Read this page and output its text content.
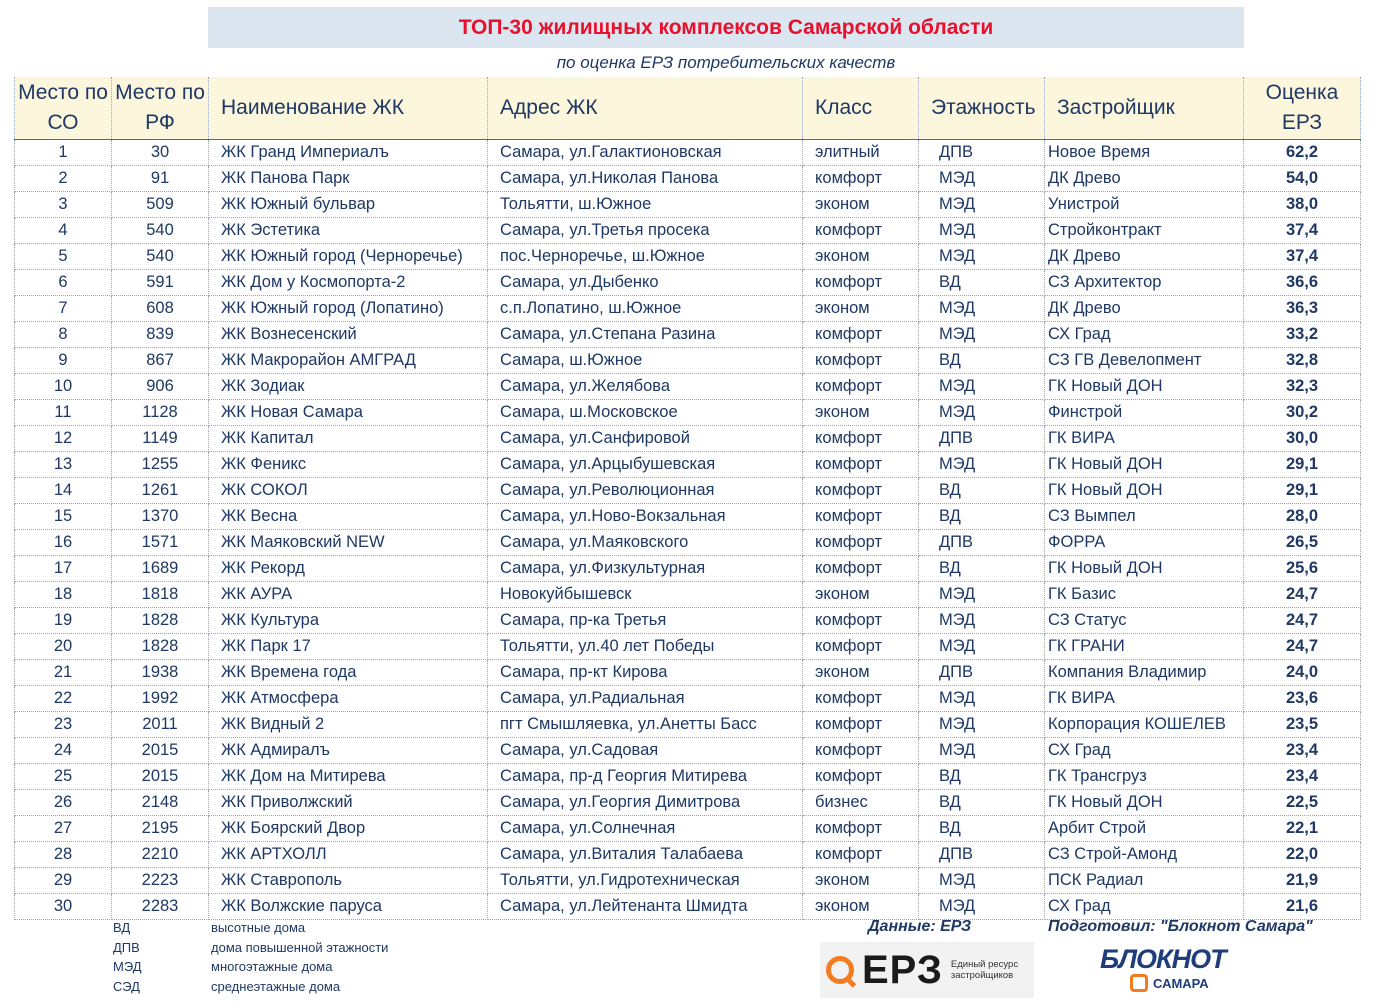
ТОП-30 жилищных комплексов Самарской области
по оценка ЕРЗ потребительских качеств
Место по СО	Место по РФ	Наименование ЖК	Адрес ЖК	Класс	Этажность	Застройщик	Оценка ЕРЗ
1	30	ЖК Гранд Империалъ	Самара, ул.Галактионовская	элитный	ДПВ	Новое Время	62,2
2	91	ЖК Панова Парк	Самара, ул.Николая Панова	комфорт	МЭД	ДК Древо	54,0
3	509	ЖК Южный бульвар	Тольятти, ш.Южное	эконом	МЭД	Унистрой	38,0
4	540	ЖК Эстетика	Самара, ул.Третья просека	комфорт	МЭД	Стройконтракт	37,4
5	540	ЖК Южный город (Черноречье)	пос.Черноречье, ш.Южное	эконом	МЭД	ДК Древо	37,4
6	591	ЖК Дом у Космопорта-2	Самара, ул.Дыбенко	комфорт	ВД	СЗ Архитектор	36,6
7	608	ЖК Южный город (Лопатино)	с.п.Лопатино, ш.Южное	эконом	МЭД	ДК Древо	36,3
8	839	ЖК Вознесенский	Самара, ул.Степана Разина	комфорт	МЭД	СХ Град	33,2
9	867	ЖК Макрорайон АМГРАД	Самара, ш.Южное	комфорт	ВД	СЗ ГВ Девелопмент	32,8
10	906	ЖК Зодиак	Самара, ул.Желябова	комфорт	МЭД	ГК Новый ДОН	32,3
11	1128	ЖК Новая Самара	Самара, ш.Московское	эконом	МЭД	Финстрой	30,2
12	1149	ЖК Капитал	Самара, ул.Санфировой	комфорт	ДПВ	ГК ВИРА	30,0
13	1255	ЖК Феникс	Самара, ул.Арцыбушевская	комфорт	МЭД	ГК Новый ДОН	29,1
14	1261	ЖК СОКОЛ	Самара, ул.Революционная	комфорт	ВД	ГК Новый ДОН	29,1
15	1370	ЖК Весна	Самара, ул.Ново-Вокзальная	комфорт	ВД	СЗ Вымпел	28,0
16	1571	ЖК Маяковский NEW	Самара, ул.Маяковского	комфорт	ДПВ	ФОРРА	26,5
17	1689	ЖК Рекорд	Самара, ул.Физкультурная	комфорт	ВД	ГК Новый ДОН	25,6
18	1818	ЖК АУРА	Новокуйбышевск	эконом	МЭД	ГК Базис	24,7
19	1828	ЖК Культура	Самара, пр-ка Третья	комфорт	МЭД	СЗ Статус	24,7
20	1828	ЖК Парк 17	Тольятти, ул.40 лет Победы	комфорт	МЭД	ГК ГРАНИ	24,7
21	1938	ЖК Времена года	Самара, пр-кт Кирова	эконом	ДПВ	Компания Владимир	24,0
22	1992	ЖК Атмосфера	Самара, ул.Радиальная	комфорт	МЭД	ГК ВИРА	23,6
23	2011	ЖК Видный 2	пгт Смышляевка, ул.Анетты Басс	комфорт	МЭД	Корпорация КОШЕЛЕВ	23,5
24	2015	ЖК Адмиралъ	Самара, ул.Садовая	комфорт	МЭД	СХ Град	23,4
25	2015	ЖК Дом на Митирева	Самара, пр-д Георгия Митирева	комфорт	ВД	ГК Трансгруз	23,4
26	2148	ЖК Приволжский	Самара, ул.Георгия Димитрова	бизнес	ВД	ГК Новый ДОН	22,5
27	2195	ЖК Боярский Двор	Самара, ул.Солнечная	комфорт	ВД	Арбит Строй	22,1
28	2210	ЖК АРТХОЛЛ	Самара, ул.Виталия Талабаева	комфорт	ДПВ	СЗ Строй-Амонд	22,0
29	2223	ЖК Ставрополь	Тольятти, ул.Гидротехническая	эконом	МЭД	ПСК Радиал	21,9
30	2283	ЖК Волжские паруса	Самара, ул.Лейтенанта Шмидта	эконом	МЭД	СХ Град	21,6
ВД	высотные дома
ДПВ	дома повышенной этажности
МЭД	многоэтажные дома
СЭД	среднеэтажные дома
Данные: ЕРЗ	Подготовил: "Блокнот Самара"
ЕРЗ Единый ресурс застройщиков
БЛОКНОТ
САМАРА
